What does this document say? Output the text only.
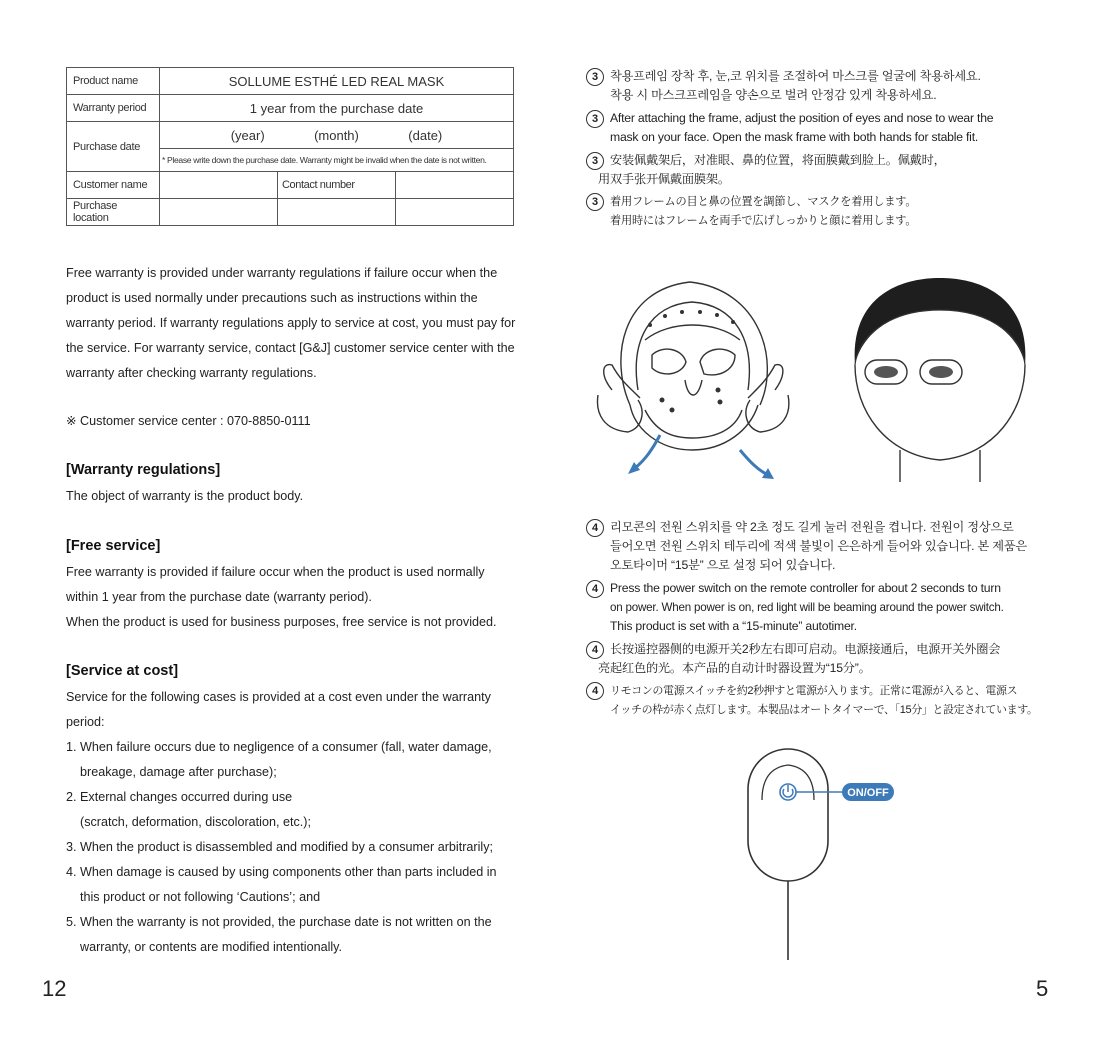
Product name	SOLLUME ESTHÉ LED REAL MASK		
Warranty period	1 year from the purchase date		
Purchase date	(year) (month) (date)		

	* Please write down the purchase date. Warranty might be invalid when the date is not written.		
Customer name		Contact number	
Purchase location			
Free warranty is provided under warranty regulations if failure occur when the product is used normally under precautions such as instructions within the warranty period. If warranty regulations apply to service at cost, you must pay for the service. For warranty service, contact [G&J] customer service center with the warranty after checking warranty regulations.
※ Customer service center : 070-8850-0111
[Warranty regulations]
The object of warranty is the product body.
[Free service]
Free warranty is provided if failure occur when the product is used normally within 1 year from the purchase date (warranty period).
When the product is used for business purposes, free service is not provided.
[Service at cost]
Service for the following cases is provided at a cost even under the warranty period:
1. When failure occurs due to negligence of a consumer (fall, water damage, breakage, damage after purchase);
2. External changes occurred during use
(scratch, deformation, discoloration, etc.);
3. When the product is disassembled and modified by a consumer arbitrarily;
4. When damage is caused by using components other than parts included in this product or not following ‘Cautions’; and
5. When the warranty is not provided, the purchase date is not written on the warranty, or contents are modified intentionally.
12
3 착용프레임 장착 후, 눈,코 위치를 조절하여 마스크를 얼굴에 착용하세요.
착용 시 마스크프레임을 양손으로 벌려 안정감 있게 착용하세요.
3 After attaching the frame, adjust the position of eyes and nose to wear the
mask on your face. Open the mask frame with both hands for stable fit.
3 安装佩戴架后，对准眼、鼻的位置，将面膜戴到脸上。佩戴时，
用双手张开佩戴面膜架。
3 着用フレームの目と鼻の位置を調節し、マスクを着用します。
着用時にはフレームを両手で広げしっかりと顔に着用します。
4 리모콘의 전원 스위치를 약 2초 정도 길게 눌러 전원을 켭니다. 전원이 정상으로
들어오면 전원 스위치 테두리에 적색 불빛이 은은하게 들어와 있습니다. 본 제품은
오토타이머 “15분” 으로 설정 되어 있습니다.
4 Press the power switch on the remote controller for about 2 seconds to turn
on power. When power is on, red light will be beaming around the power switch.
This product is set with a “15-minute” autotimer.
4 长按遥控器侧的电源开关2秒左右即可启动。电源接通后，电源开关外圈会
亮起红色的光。本产品的自动计时器设置为“15分”。
4 リモコンの電源スイッチを約2秒押すと電源が入ります。正常に電源が入ると、電源ス
イッチの枠が赤く点灯します。本製品はオートタイマーで、「15分」と設定されています。
ON/OFF
5
